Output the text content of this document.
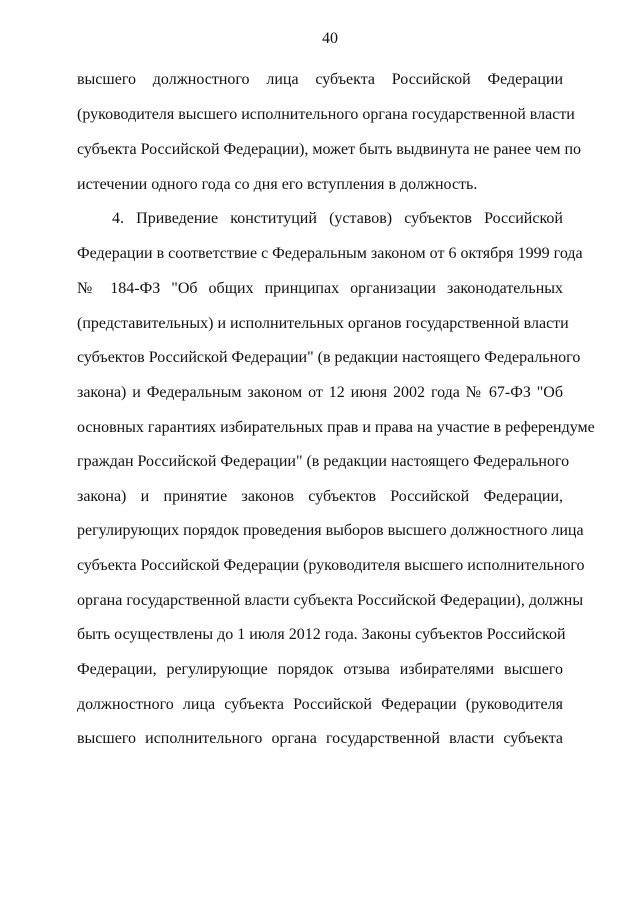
40
высшего должностного лица субъекта Российской Федерации
(руководителя высшего исполнительного органа государственной власти
субъекта Российской Федерации), может быть выдвинута не ранее чем по
истечении одного года со дня его вступления в должность.
4. Приведение конституций (уставов) субъектов Российской
Федерации в соответствие с Федеральным законом от 6 октября 1999 года
№ 184-ФЗ "Об общих принципах организации законодательных
(представительных) и исполнительных органов государственной власти
субъектов Российской Федерации" (в редакции настоящего Федерального
закона) и Федеральным законом от 12 июня 2002 года № 67-ФЗ "Об
основных гарантиях избирательных прав и права на участие в референдуме
граждан Российской Федерации" (в редакции настоящего Федерального
закона) и принятие законов субъектов Российской Федерации,
регулирующих порядок проведения выборов высшего должностного лица
субъекта Российской Федерации (руководителя высшего исполнительного
органа государственной власти субъекта Российской Федерации), должны
быть осуществлены до 1 июля 2012 года. Законы субъектов Российской
Федерации, регулирующие порядок отзыва избирателями высшего
должностного лица субъекта Российской Федерации (руководителя
высшего исполнительного органа государственной власти субъекта
